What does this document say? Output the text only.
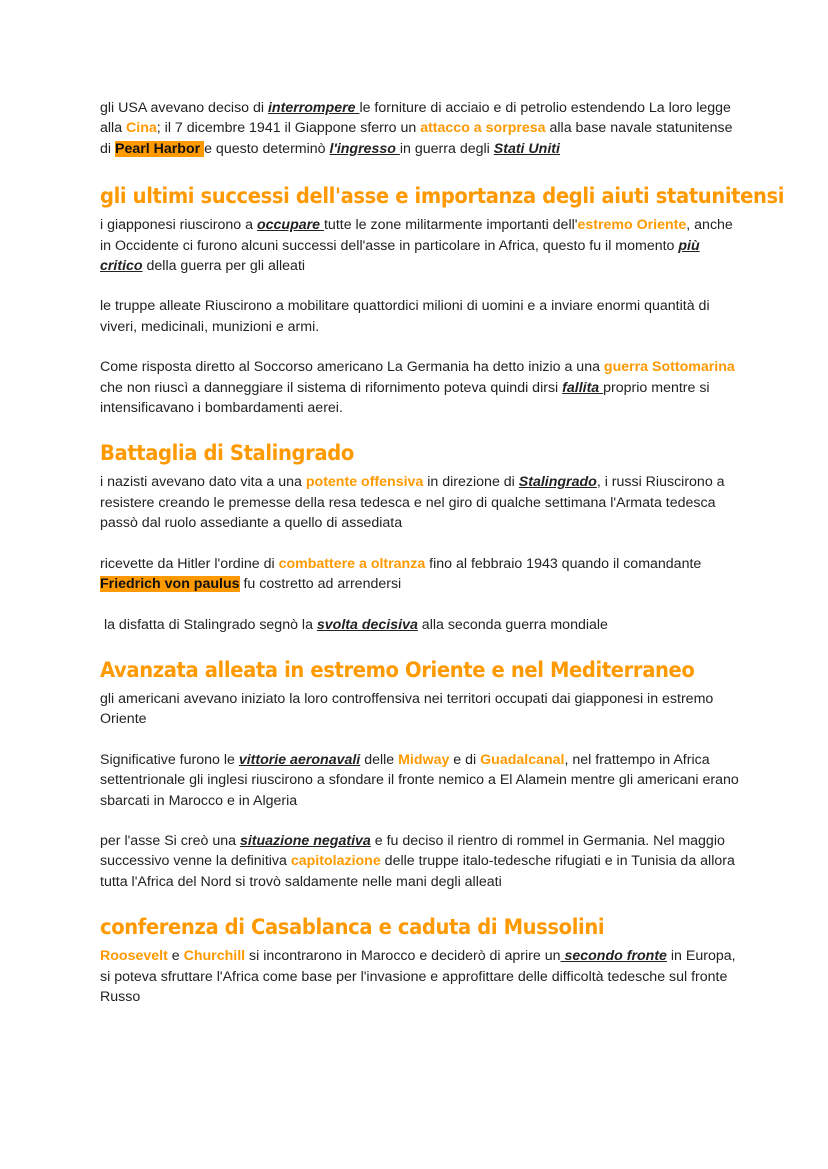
gli USA avevano deciso di interrompere le forniture di acciaio e di petrolio estendendo La loro legge alla Cina; il 7 dicembre 1941 il Giappone sferro un attacco a sorpresa alla base navale statunitense di Pearl Harbor e questo determinò l'ingresso in guerra degli Stati Uniti

gli ultimi successi dell'asse e importanza degli aiuti statunitensi

i giapponesi riuscirono a occupare tutte le zone militarmente importanti dell'estremo Oriente, anche in Occidente ci furono alcuni successi dell'asse in particolare in Africa, questo fu il momento più critico della guerra per gli alleati

le truppe alleate Riuscirono a mobilitare quattordici milioni di uomini e a inviare enormi quantità di viveri, medicinali, munizioni e armi.

Come risposta diretto al Soccorso americano La Germania ha detto inizio a una guerra Sottomarina che non riuscì a danneggiare il sistema di rifornimento poteva quindi dirsi fallita proprio mentre si intensificavano i bombardamenti aerei.

Battaglia di Stalingrado

i nazisti avevano dato vita a una potente offensiva in direzione di Stalingrado, i russi Riuscirono a resistere creando le premesse della resa tedesca e nel giro di qualche settimana l'Armata tedesca passò dal ruolo assediante a quello di assediata

ricevette da Hitler l'ordine di combattere a oltranza fino al febbraio 1943 quando il comandante Friedrich von paulus fu costretto ad arrendersi

la disfatta di Stalingrado segnò la svolta decisiva alla seconda guerra mondiale

Avanzata alleata in estremo Oriente e nel Mediterraneo

gli americani avevano iniziato la loro controffensiva nei territori occupati dai giapponesi in estremo Oriente

Significative furono le vittorie aeronavali delle Midway e di Guadalcanal, nel frattempo in Africa settentrionale gli inglesi riuscirono a sfondare il fronte nemico a El Alamein mentre gli americani erano sbarcati in Marocco e in Algeria

per l'asse Si creò una situazione negativa e fu deciso il rientro di rommel in Germania. Nel maggio successivo venne la definitiva capitolazione delle truppe italo-tedesche rifugiati e in Tunisia da allora tutta l'Africa del Nord si trovò saldamente nelle mani degli alleati

conferenza di Casablanca e caduta di Mussolini

Roosevelt e Churchill si incontrarono in Marocco e deciderò di aprire un secondo fronte in Europa, si poteva sfruttare l'Africa come base per l'invasione e approfittare delle difficoltà tedesche sul fronte Russo
